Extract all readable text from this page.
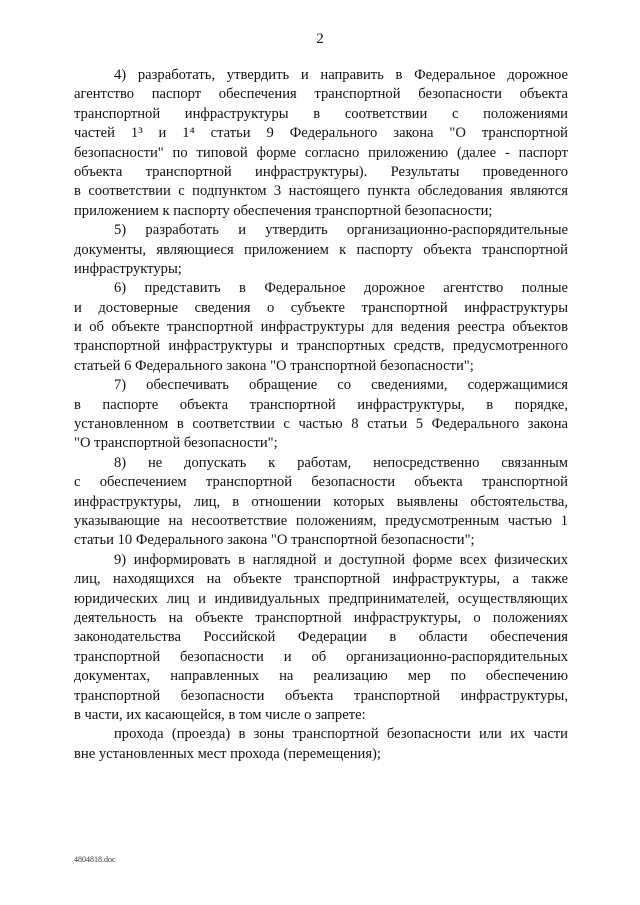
2
4) разработать, утвердить и направить в Федеральное дорожное
агентство паспорт обеспечения транспортной безопасности объекта
транспортной инфраструктуры в соответствии с положениями
частей 1³ и 1⁴ статьи 9 Федерального закона "О транспортной
безопасности" по типовой форме согласно приложению (далее - паспорт
объекта транспортной инфраструктуры). Результаты проведенного
в соответствии с подпунктом 3 настоящего пункта обследования являются
приложением к паспорту обеспечения транспортной безопасности;
5) разработать и утвердить организационно-распорядительные
документы, являющиеся приложением к паспорту объекта транспортной
инфраструктуры;
6) представить в Федеральное дорожное агентство полные
и достоверные сведения о субъекте транспортной инфраструктуры
и об объекте транспортной инфраструктуры для ведения реестра объектов
транспортной инфраструктуры и транспортных средств, предусмотренного
статьей 6 Федерального закона "О транспортной безопасности";
7) обеспечивать обращение со сведениями, содержащимися
в паспорте объекта транспортной инфраструктуры, в порядке,
установленном в соответствии с частью 8 статьи 5 Федерального закона
"О транспортной безопасности";
8) не допускать к работам, непосредственно связанным
с обеспечением транспортной безопасности объекта транспортной
инфраструктуры, лиц, в отношении которых выявлены обстоятельства,
указывающие на несоответствие положениям, предусмотренным частью 1
статьи 10 Федерального закона "О транспортной безопасности";
9) информировать в наглядной и доступной форме всех физических
лиц, находящихся на объекте транспортной инфраструктуры, а также
юридических лиц и индивидуальных предпринимателей, осуществляющих
деятельность на объекте транспортной инфраструктуры, о положениях
законодательства Российской Федерации в области обеспечения
транспортной безопасности и об организационно-распорядительных
документах, направленных на реализацию мер по обеспечению
транспортной безопасности объекта транспортной инфраструктуры,
в части, их касающейся, в том числе о запрете:
прохода (проезда) в зоны транспортной безопасности или их части
вне установленных мест прохода (перемещения);
4804818.doc
